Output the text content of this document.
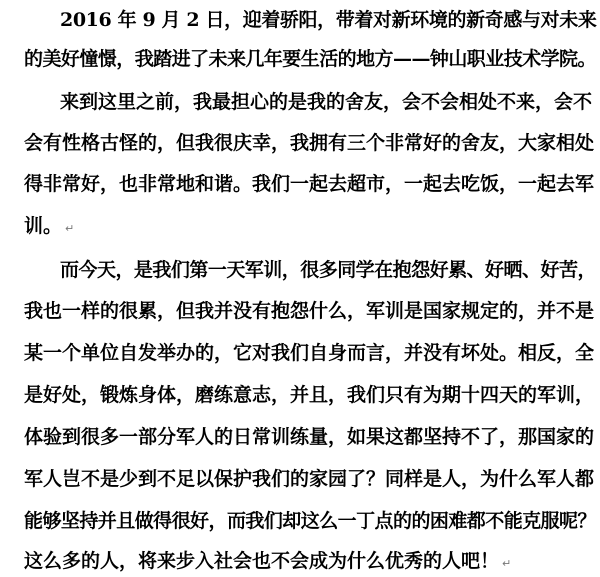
2016 年 9 月 2 日，迎着骄阳，带着对新环境的新奇感与对未来
的美好憧憬，我踏进了未来几年要生活的地方——钟山职业技术学院。
来到这里之前，我最担心的是我的舍友，会不会相处不来，会不
会有性格古怪的，但我很庆幸，我拥有三个非常好的舍友，大家相处
得非常好，也非常地和谐。我们一起去超市，一起去吃饭，一起去军
训。 ↵
而今天，是我们第一天军训，很多同学在抱怨好累、好晒、好苦，
我也一样的很累，但我并没有抱怨什么，军训是国家规定的，并不是
某一个单位自发举办的，它对我们自身而言，并没有坏处。相反，全
是好处，锻炼身体，磨练意志，并且，我们只有为期十四天的军训，
体验到很多一部分军人的日常训练量，如果这都坚持不了，那国家的
军人岂不是少到不足以保护我们的家园了？同样是人，为什么军人都
能够坚持并且做得很好，而我们却这么一丁点的的困难都不能克服呢？
这么多的人，将来步入社会也不会成为什么优秀的人吧！ ↵
